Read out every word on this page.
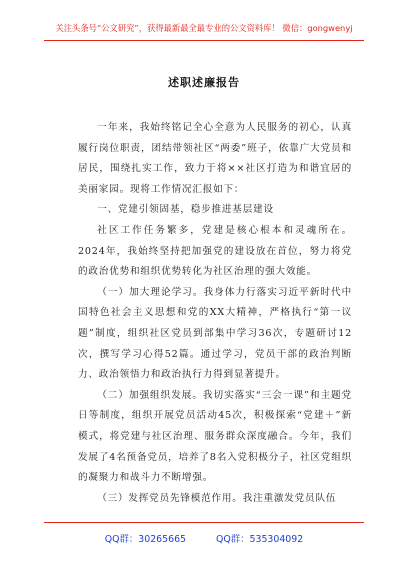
关注头条号“公文研究”，获得最新最全最专业的公文资料库！ 微信：gongwenyj
述职述廉报告

一年来，我始终铭记全心全意为人民服务的初心，认真履行岗位职责，团结带领社区“两委”班子，依靠广大党员和居民，围绕扎实工作，致力于将××社区打造为和谐宜居的美丽家园。现将工作情况汇报如下：

一、党建引领固基，稳步推进基层建设

社区工作任务繁多，党建是核心根本和灵魂所在。2024年，我始终坚持把加强党的建设放在首位，努力将党的政治优势和组织优势转化为社区治理的强大效能。

（一）加大理论学习。我身体力行落实习近平新时代中国特色社会主义思想和党的XX大精神，严格执行“第一议题”制度，组织社区党员到部集中学习36次，专题研讨12次，撰写学习心得52篇。通过学习，党员干部的政治判断力、政治领悟力和政治执行力得到显著提升。

（二）加强组织发展。我切实落实“三会一课”和主题党日等制度，组织开展党员活动45次，积极探索“党建＋”新模式，将党建与社区治理、服务群众深度融合。今年，我们发展了4名预备党员，培养了8名入党积极分子，社区党组织的凝聚力和战斗力不断增强。

（三）发挥党员先锋模范作用。我注重激发党员队伍

QQ群：30265665	QQ群：535304092
